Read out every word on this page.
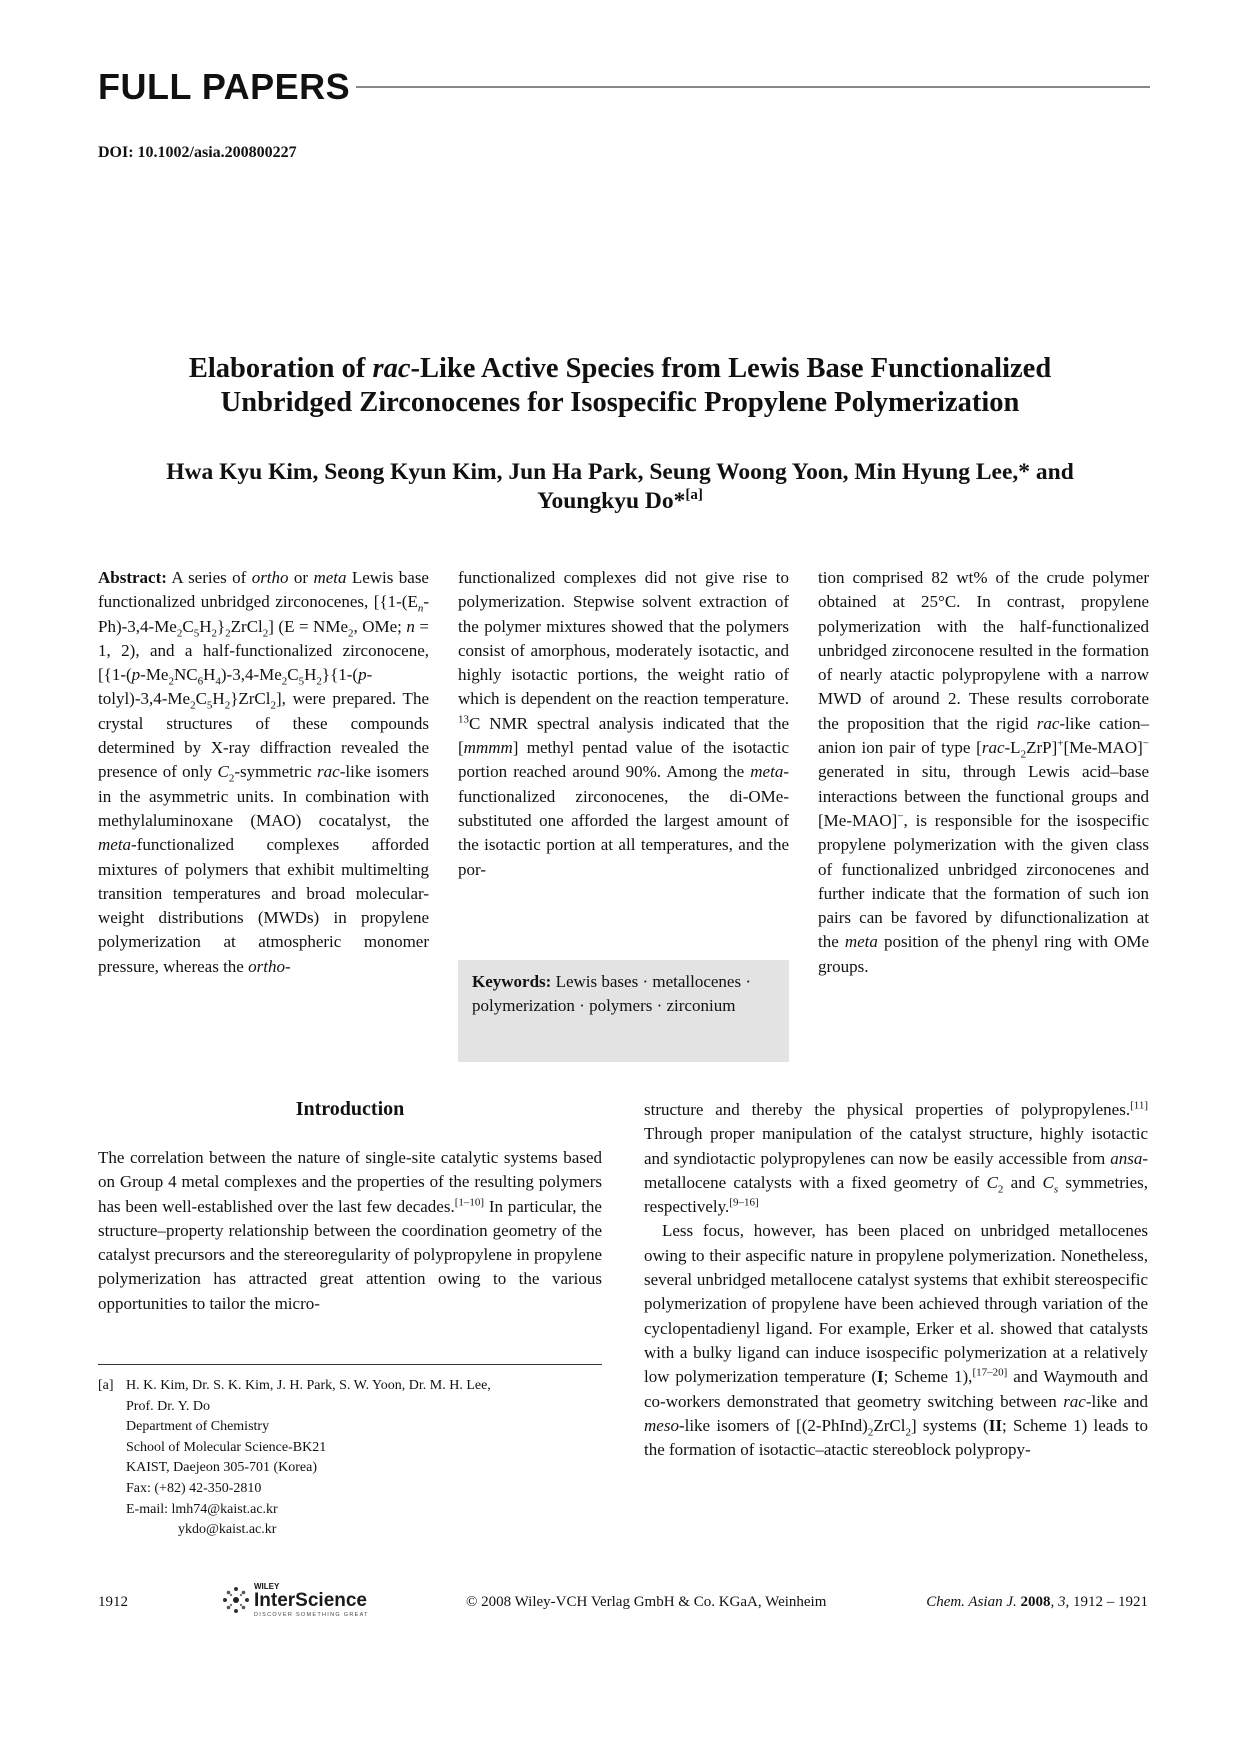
FULL PAPERS
DOI: 10.1002/asia.200800227
Elaboration of rac-Like Active Species from Lewis Base Functionalized
Unbridged Zirconocenes for Isospecific Propylene Polymerization
Hwa Kyu Kim, Seong Kyun Kim, Jun Ha Park, Seung Woong Yoon, Min Hyung Lee,* and
Youngkyu Do*[a]

Abstract: A series of ortho or meta Lewis base functionalized unbridged zirconocenes, $[\{1-(E_n-Ph)-3,4-Me_2C_5H_2\}_2ZrCl_2] (E = NMe_2$, OMe; n = 1, 2), and a half-functionalized zirconocene, $[\{1-(p-Me_2NC_6H_4)-3,4-Me_2C_5H_2\}\{1-(p-tolyl)-3,4-Me_2C_5H_2\}ZrCl_2]$, were prepared. The crystal structures of these compounds determined by X-ray diffraction revealed the presence of only $C_2$-symmetric rac-like isomers in the asymmetric units. In combination with methylaluminoxane (MAO) cocatalyst, the meta-functionalized complexes afforded mixtures of polymers that exhibit multimelting transition temperatures and broad molecular-weight distributions (MWDs) in propylene polymerization at atmospheric monomer pressure, whereas the ortho-

functionalized complexes did not give rise to polymerization. Stepwise solvent extraction of the polymer mixtures showed that the polymers consist of amorphous, moderately isotactic, and highly isotactic portions, the weight ratio of which is dependent on the reaction temperature. $^{13}$C NMR spectral analysis indicated that the [mmmm] methyl pentad value of the isotactic portion reached around 90%. Among the meta-functionalized zirconocenes, the di-OMe-substituted one afforded the largest amount of the isotactic portion at all temperatures, and the por-

Keywords: Lewis bases · metallocenes · polymerization · polymers · zirconium

tion comprised 82 wt% of the crude polymer obtained at 25°C. In contrast, propylene polymerization with the half-functionalized unbridged zirconocene resulted in the formation of nearly atactic polypropylene with a narrow MWD of around 2. These results corroborate the proposition that the rigid rac-like cation–anion ion pair of type $[rac-L_2ZrP]^+[Me-MAO]^-$ generated in situ, through Lewis acid–base interactions between the functional groups and [Me-MAO]−, is responsible for the isospecific propylene polymerization with the given class of functionalized unbridged zirconocenes and further indicate that the formation of such ion pairs can be favored by difunctionalization at the meta position of the phenyl ring with OMe groups.

Introduction

The correlation between the nature of single-site catalytic systems based on Group 4 metal complexes and the properties of the resulting polymers has been well-established over the last few decades.[1–10] In particular, the structure–property relationship between the coordination geometry of the catalyst precursors and the stereoregularity of polypropylene in propylene polymerization has attracted great attention owing to the various opportunities to tailor the micro-

structure and thereby the physical properties of polypropylenes.[11] Through proper manipulation of the catalyst structure, highly isotactic and syndiotactic polypropylenes can now be easily accessible from ansa-metallocene catalysts with a fixed geometry of $C_2$ and $C_s$ symmetries, respectively.[9–16]

Less focus, however, has been placed on unbridged metallocenes owing to their aspecific nature in propylene polymerization. Nonetheless, several unbridged metallocene catalyst systems that exhibit stereospecific polymerization of propylene have been achieved through variation of the cyclopentadienyl ligand. For example, Erker et al. showed that catalysts with a bulky ligand can induce isospecific polymerization at a relatively low polymerization temperature (I; Scheme 1),[17–20] and Waymouth and co-workers demonstrated that geometry switching between rac-like and meso-like isomers of $[(2-PhInd)_2ZrCl_2]$ systems (II; Scheme 1) leads to the formation of isotactic–atactic stereoblock polypropy-

[a] H. K. Kim, Dr. S. K. Kim, J. H. Park, S. W. Yoon, Dr. M. H. Lee,
Prof. Dr. Y. Do
Department of Chemistry
School of Molecular Science-BK21
KAIST, Daejeon 305-701 (Korea)
Fax: (+82) 42-350-2810
E-mail: lmh74@kaist.ac.kr
ykdo@kaist.ac.kr
1912
WILEY
InterScience
DISCOVER SOMETHING GREAT
© 2008 Wiley-VCH Verlag GmbH & Co. KGaA, Weinheim	Chem. Asian J. 2008, 3, 1912 – 1921
